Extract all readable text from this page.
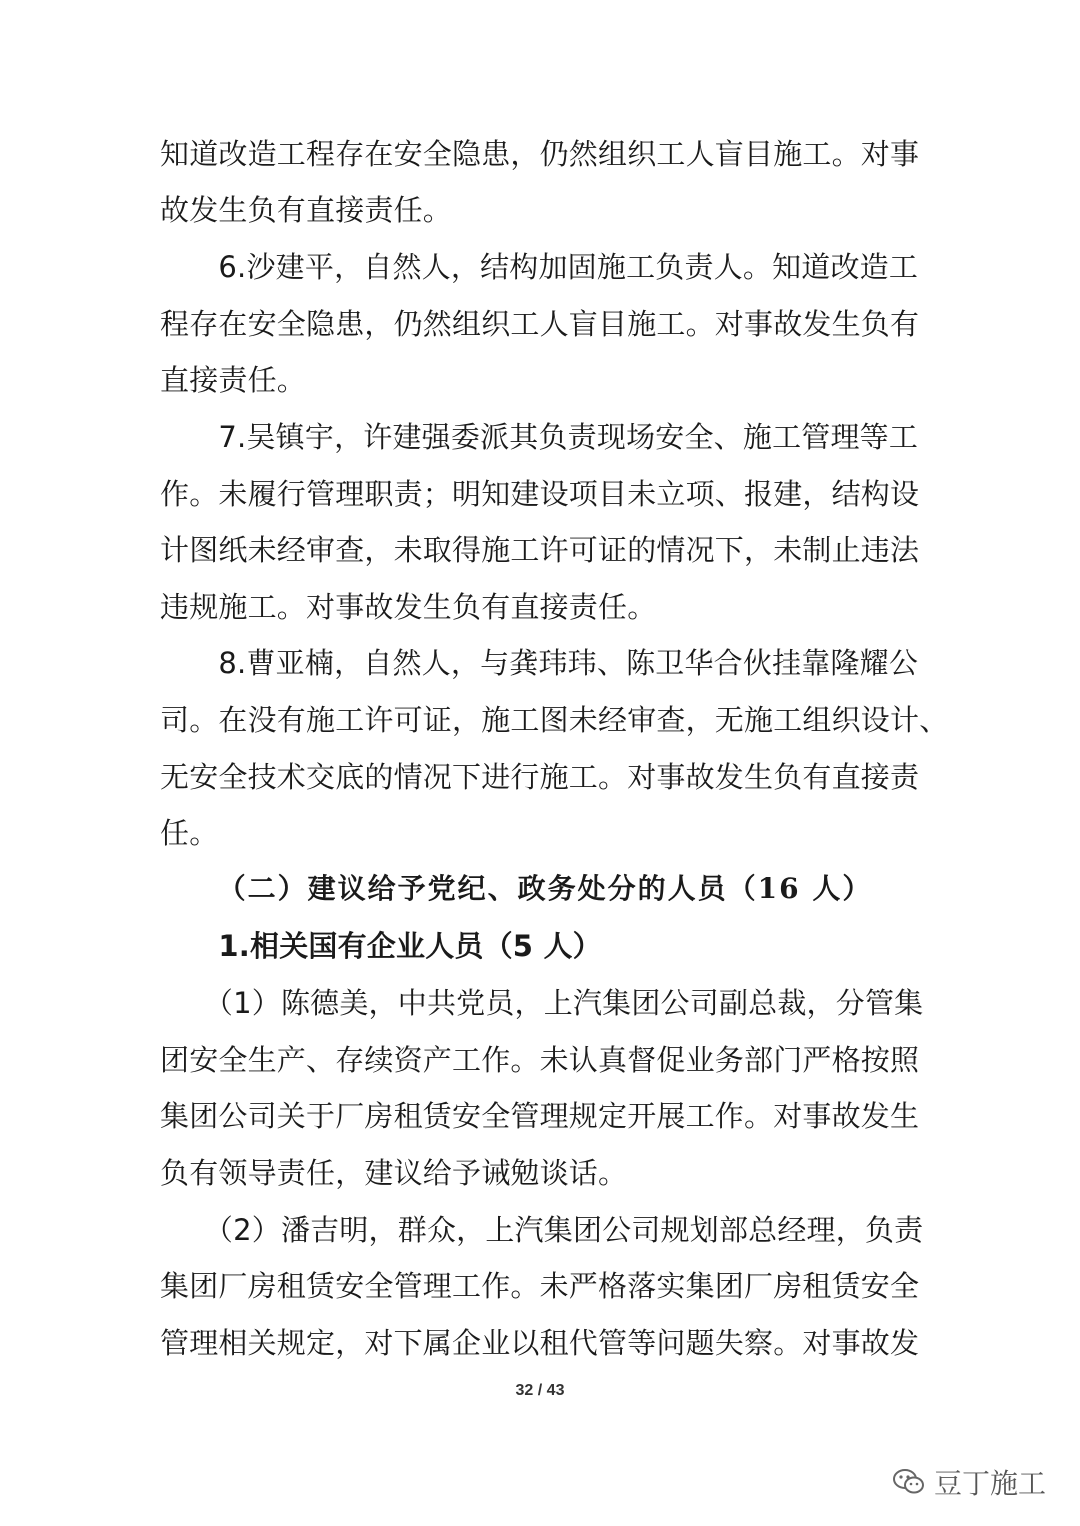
知道改造工程存在安全隐患，仍然组织工人盲目施工。对事
故发生负有直接责任。
　　6.沙建平，自然人，结构加固施工负责人。知道改造工
程存在安全隐患，仍然组织工人盲目施工。对事故发生负有
直接责任。
　　7.吴镇宇，许建强委派其负责现场安全、施工管理等工
作。未履行管理职责；明知建设项目未立项、报建，结构设
计图纸未经审查，未取得施工许可证的情况下，未制止违法
违规施工。对事故发生负有直接责任。
　　8.曹亚楠，自然人，与龚玮玮、陈卫华合伙挂靠隆耀公
司。在没有施工许可证，施工图未经审查，无施工组织设计、
无安全技术交底的情况下进行施工。对事故发生负有直接责
任。
（二）建议给予党纪、政务处分的人员（16 人）
　　1.相关国有企业人员（5 人）
　　（1）陈德美，中共党员，上汽集团公司副总裁，分管集
团安全生产、存续资产工作。未认真督促业务部门严格按照
集团公司关于厂房租赁安全管理规定开展工作。对事故发生
负有领导责任，建议给予诫勉谈话。
　　（2）潘吉明，群众，上汽集团公司规划部总经理，负责
集团厂房租赁安全管理工作。未严格落实集团厂房租赁安全
管理相关规定，对下属企业以租代管等问题失察。对事故发
32 / 43
豆丁施工
